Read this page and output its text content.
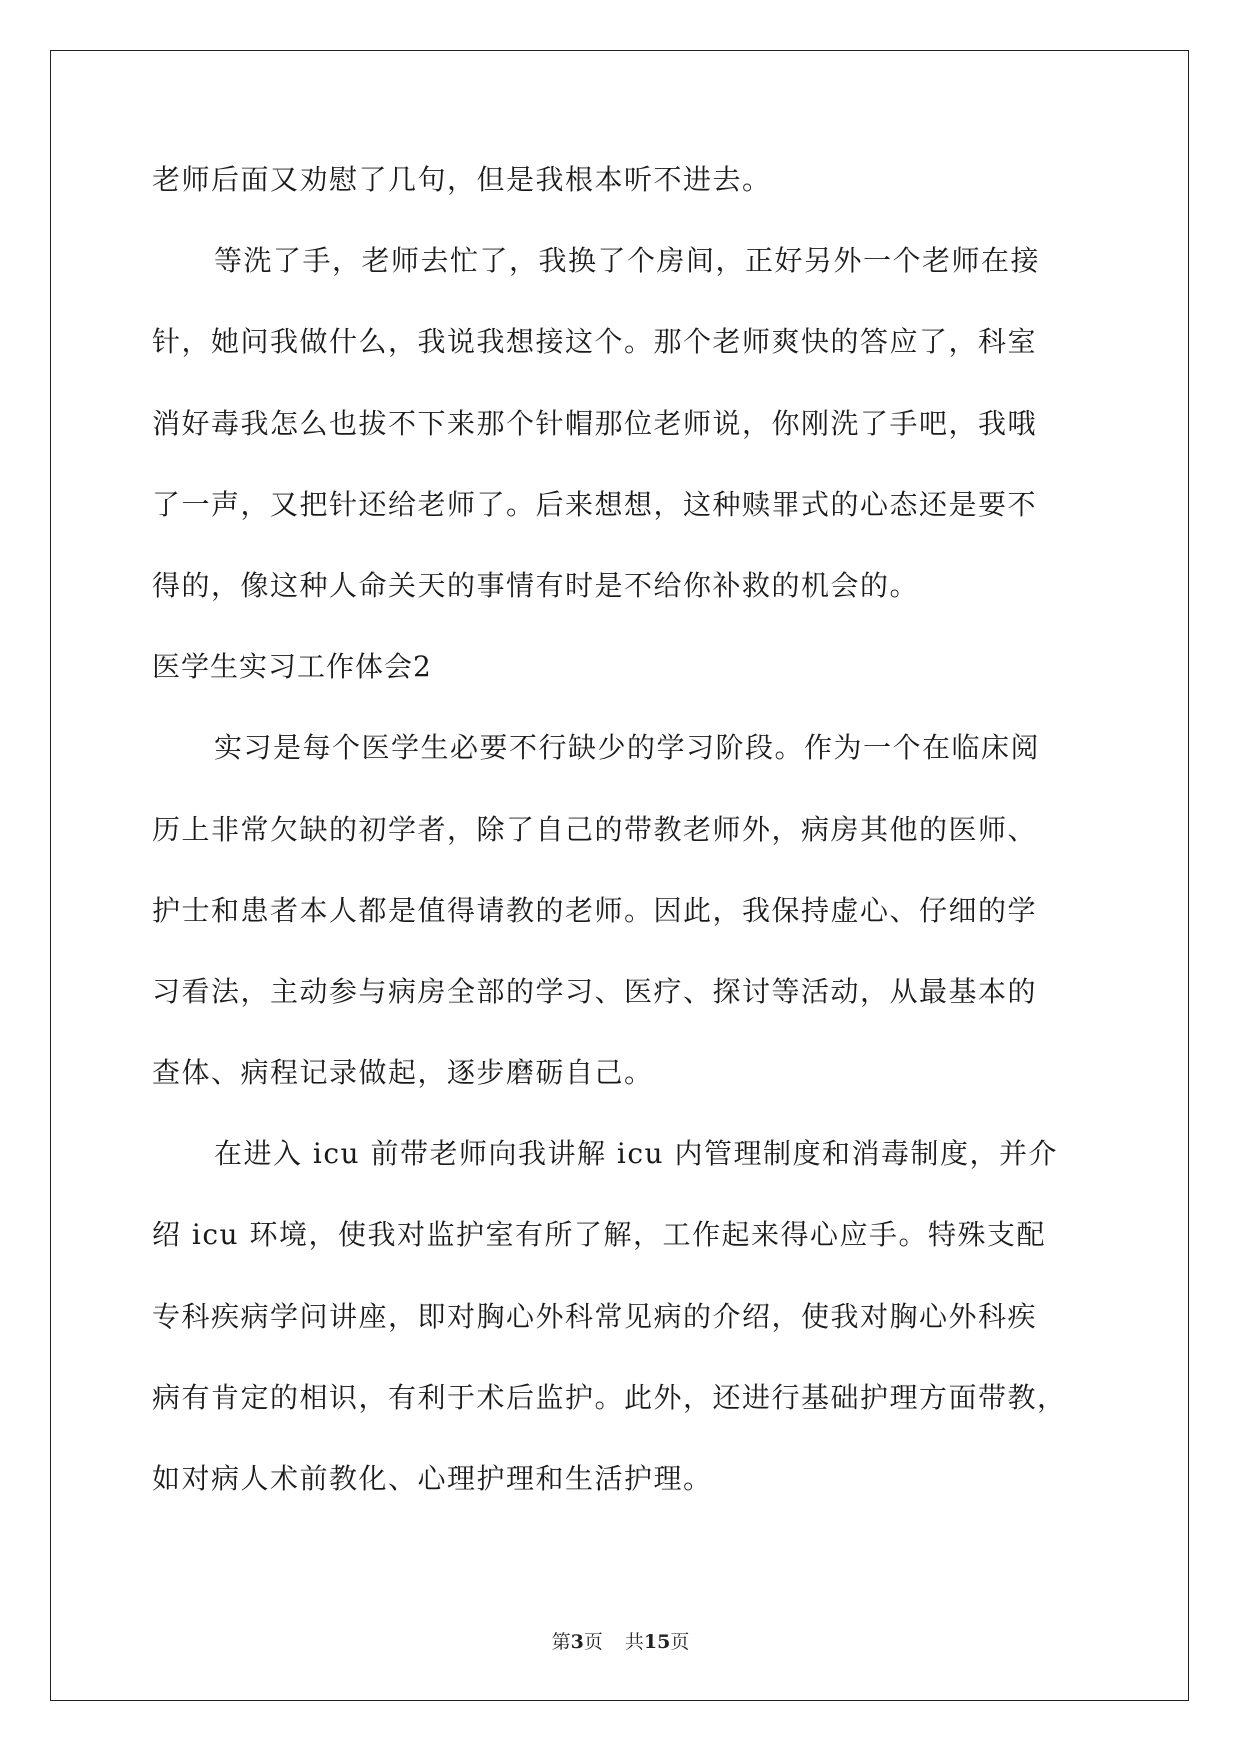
老师后面又劝慰了几句，但是我根本听不进去。
等洗了手，老师去忙了，我换了个房间，正好另外一个老师在接
针，她问我做什么，我说我想接这个。那个老师爽快的答应了，科室
消好毒我怎么也拔不下来那个针帽那位老师说，你刚洗了手吧，我哦
了一声，又把针还给老师了。后来想想，这种赎罪式的心态还是要不
得的，像这种人命关天的事情有时是不给你补救的机会的。
医学生实习工作体会2
实习是每个医学生必要不行缺少的学习阶段。作为一个在临床阅
历上非常欠缺的初学者，除了自己的带教老师外，病房其他的医师、
护士和患者本人都是值得请教的老师。因此，我保持虚心、仔细的学
习看法，主动参与病房全部的学习、医疗、探讨等活动，从最基本的
查体、病程记录做起，逐步磨砺自己。
在进入 icu 前带老师向我讲解 icu 内管理制度和消毒制度，并介
绍 icu 环境，使我对监护室有所了解，工作起来得心应手。特殊支配
专科疾病学问讲座，即对胸心外科常见病的介绍，使我对胸心外科疾
病有肯定的相识，有利于术后监护。此外，还进行基础护理方面带教，
如对病人术前教化、心理护理和生活护理。
第3页 共15页
